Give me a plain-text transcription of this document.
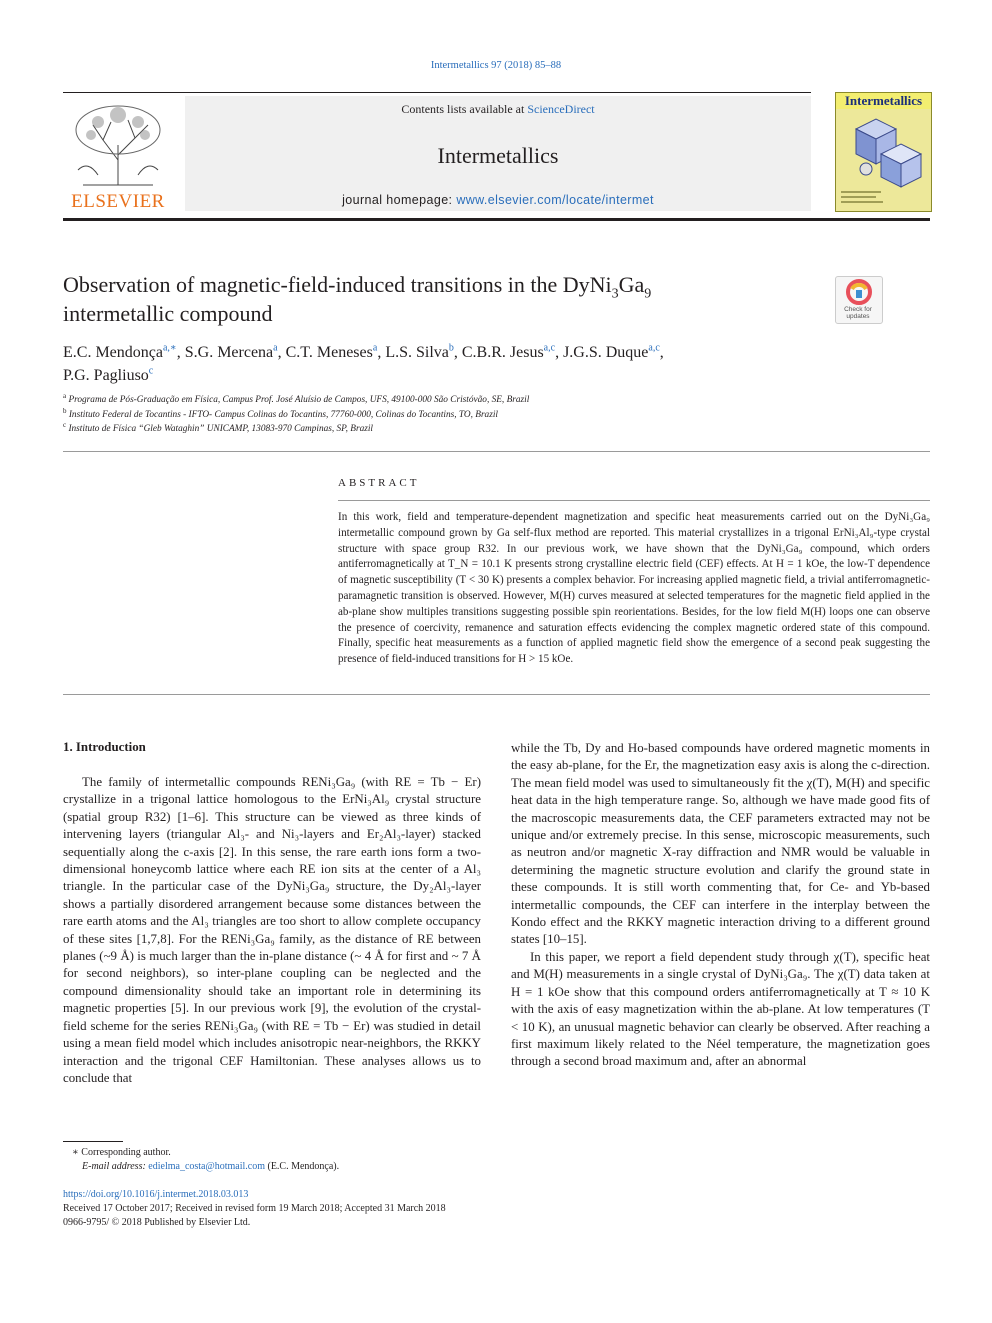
Intermetallics 97 (2018) 85–88
ELSEVIER
Contents lists available at ScienceDirect
Intermetallics
journal homepage: www.elsevier.com/locate/intermet
Intermetallics
Observation of magnetic-field-induced transitions in the $DyNi_3Ga_9$
intermetallic compound	Check for updates
E.C. Mendonça$^{a,∗}$, S.G. Mercena$^a$, C.T. Meneses$^a$, L.S. Silva$^b$, C.B.R. Jesus$^{a,c}$, J.G.S. Duque$^{a,c}$,
P.G. Pagliuso$^c$
$^a$ Programa de Pós-Graduação em Física, Campus Prof. José Aluísio de Campos, UFS, 49100-000 São Cristóvão, SE, Brazil
$^b$ Instituto Federal de Tocantins - IFTO- Campus Colinas do Tocantins, 77760-000, Colinas do Tocantins, TO, Brazil
$^c$ Instituto de Física “Gleb Wataghin” UNICAMP, 13083-970 Campinas, SP, Brazil
ABSTRACT
In this work, field and temperature-dependent magnetization and specific heat measurements carried out on the DyNi₃Ga₉ intermetallic compound grown by Ga self-flux method are reported. This material crystallizes in a trigonal ErNi₃Al₉-type crystal structure with space group R32. In our previous work, we have shown that the DyNi₃Ga₉ compound, which orders antiferromagnetically at T_N = 10.1 K presents strong crystalline electric field (CEF) effects. At H = 1 kOe, the low-T dependence of magnetic susceptibility (T < 30 K) presents a complex behavior. For increasing applied magnetic field, a trivial antiferromagnetic-paramagnetic transition is observed. However, M(H) curves measured at selected temperatures for the magnetic field applied in the ab-plane show multiples transitions suggesting possible spin reorientations. Besides, for the low field M(H) loops one can observe the presence of coercivity, remanence and saturation effects evidencing the complex magnetic ordered state of this compound. Finally, specific heat measurements as a function of applied magnetic field show the emergence of a second peak suggesting the presence of field-induced transitions for H > 15 kOe.
1. Introduction

The family of intermetallic compounds RENi₃Ga₉ (with RE = Tb − Er) crystallize in a trigonal lattice homologous to the ErNi₃Al₉ crystal structure (spatial group R32) [1–6]. This structure can be viewed as three kinds of intervening layers (triangular Al₃- and Ni₃-layers and Er₂Al₃-layer) stacked sequentially along the c-axis [2]. In this sense, the rare earth ions form a two-dimensional honeycomb lattice where each RE ion sits at the center of a Al₃ triangle. In the particular case of the DyNi₃Ga₉ structure, the Dy₂Al₃-layer shows a partially disordered arrangement because some distances between the rare earth atoms and the Al₃ triangles are too short to allow complete occupancy of these sites [1,7,8]. For the RENi₃Ga₉ family, as the distance of RE between planes (~9 Å) is much larger than the in-plane distance (~ 4 Å for first and ~ 7 Å for second neighbors), so inter-plane coupling can be neglected and the compound dimensionality should take an important role in determining its magnetic properties [5]. In our previous work [9], the evolution of the crystal-field scheme for the series RENi₃Ga₉ (with RE = Tb − Er) was studied in detail using a mean field model which includes anisotropic near-neighbors, the RKKY interaction and the trigonal CEF Hamiltonian. These analyses allows us to conclude that

while the Tb, Dy and Ho-based compounds have ordered magnetic moments in the easy ab-plane, for the Er, the magnetization easy axis is along the c-direction. The mean field model was used to simultaneously fit the χ(T), M(H) and specific heat data in the high temperature range. So, although we have made good fits of the macroscopic measurements data, the CEF parameters extracted may not be unique and/or extremely precise. In this sense, microscopic measurements, such as neutron and/or magnetic X-ray diffraction and NMR would be valuable in determining the magnetic structure evolution and clarify the ground state in these compounds. It is still worth commenting that, for Ce- and Yb-based intermetallic compounds, the CEF can interfere in the interplay between the Kondo effect and the RKKY magnetic interaction driving to a different ground states [10–15].

In this paper, we report a field dependent study through χ(T), specific heat and M(H) measurements in a single crystal of DyNi₃Ga₉. The χ(T) data taken at H = 1 kOe show that this compound orders antiferromagnetically at T ≈ 10 K with the axis of easy magnetization within the ab-plane. At low temperatures (T < 10 K), an unusual magnetic behavior can clearly be observed. After reaching a first maximum likely related to the Néel temperature, the magnetization goes through a second broad maximum and, after an abnormal

∗ Corresponding author.
E-mail address: edielma_costa@hotmail.com (E.C. Mendonça).
https://doi.org/10.1016/j.intermet.2018.03.013
Received 17 October 2017; Received in revised form 19 March 2018; Accepted 31 March 2018
0966-9795/ © 2018 Published by Elsevier Ltd.
